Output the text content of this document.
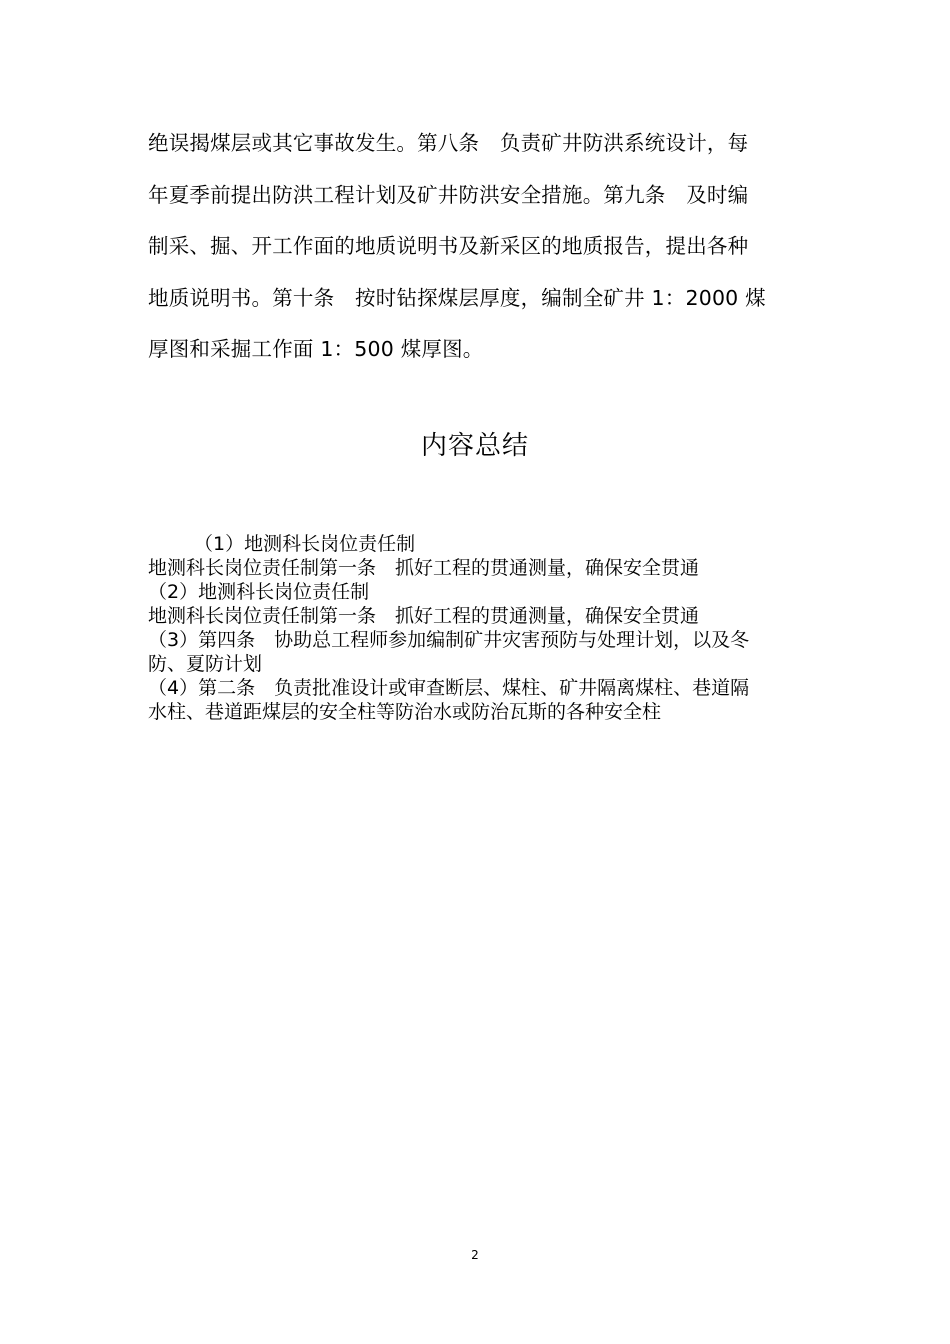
绝误揭煤层或其它事故发生。第八条　负责矿井防洪系统设计，每
年夏季前提出防洪工程计划及矿井防洪安全措施。第九条　及时编
制采、掘、开工作面的地质说明书及新采区的地质报告，提出各种
地质说明书。第十条　按时钻探煤层厚度，编制全矿井 1：2000 煤
厚图和采掘工作面 1：500 煤厚图。
内容总结
（1）地测科长岗位责任制
地测科长岗位责任制第一条　抓好工程的贯通测量，确保安全贯通
（2）地测科长岗位责任制
地测科长岗位责任制第一条　抓好工程的贯通测量，确保安全贯通
（3）第四条　协助总工程师参加编制矿井灾害预防与处理计划，以及冬
防、夏防计划
（4）第二条　负责批准设计或审查断层、煤柱、矿井隔离煤柱、巷道隔
水柱、巷道距煤层的安全柱等防治水或防治瓦斯的各种安全柱
2
